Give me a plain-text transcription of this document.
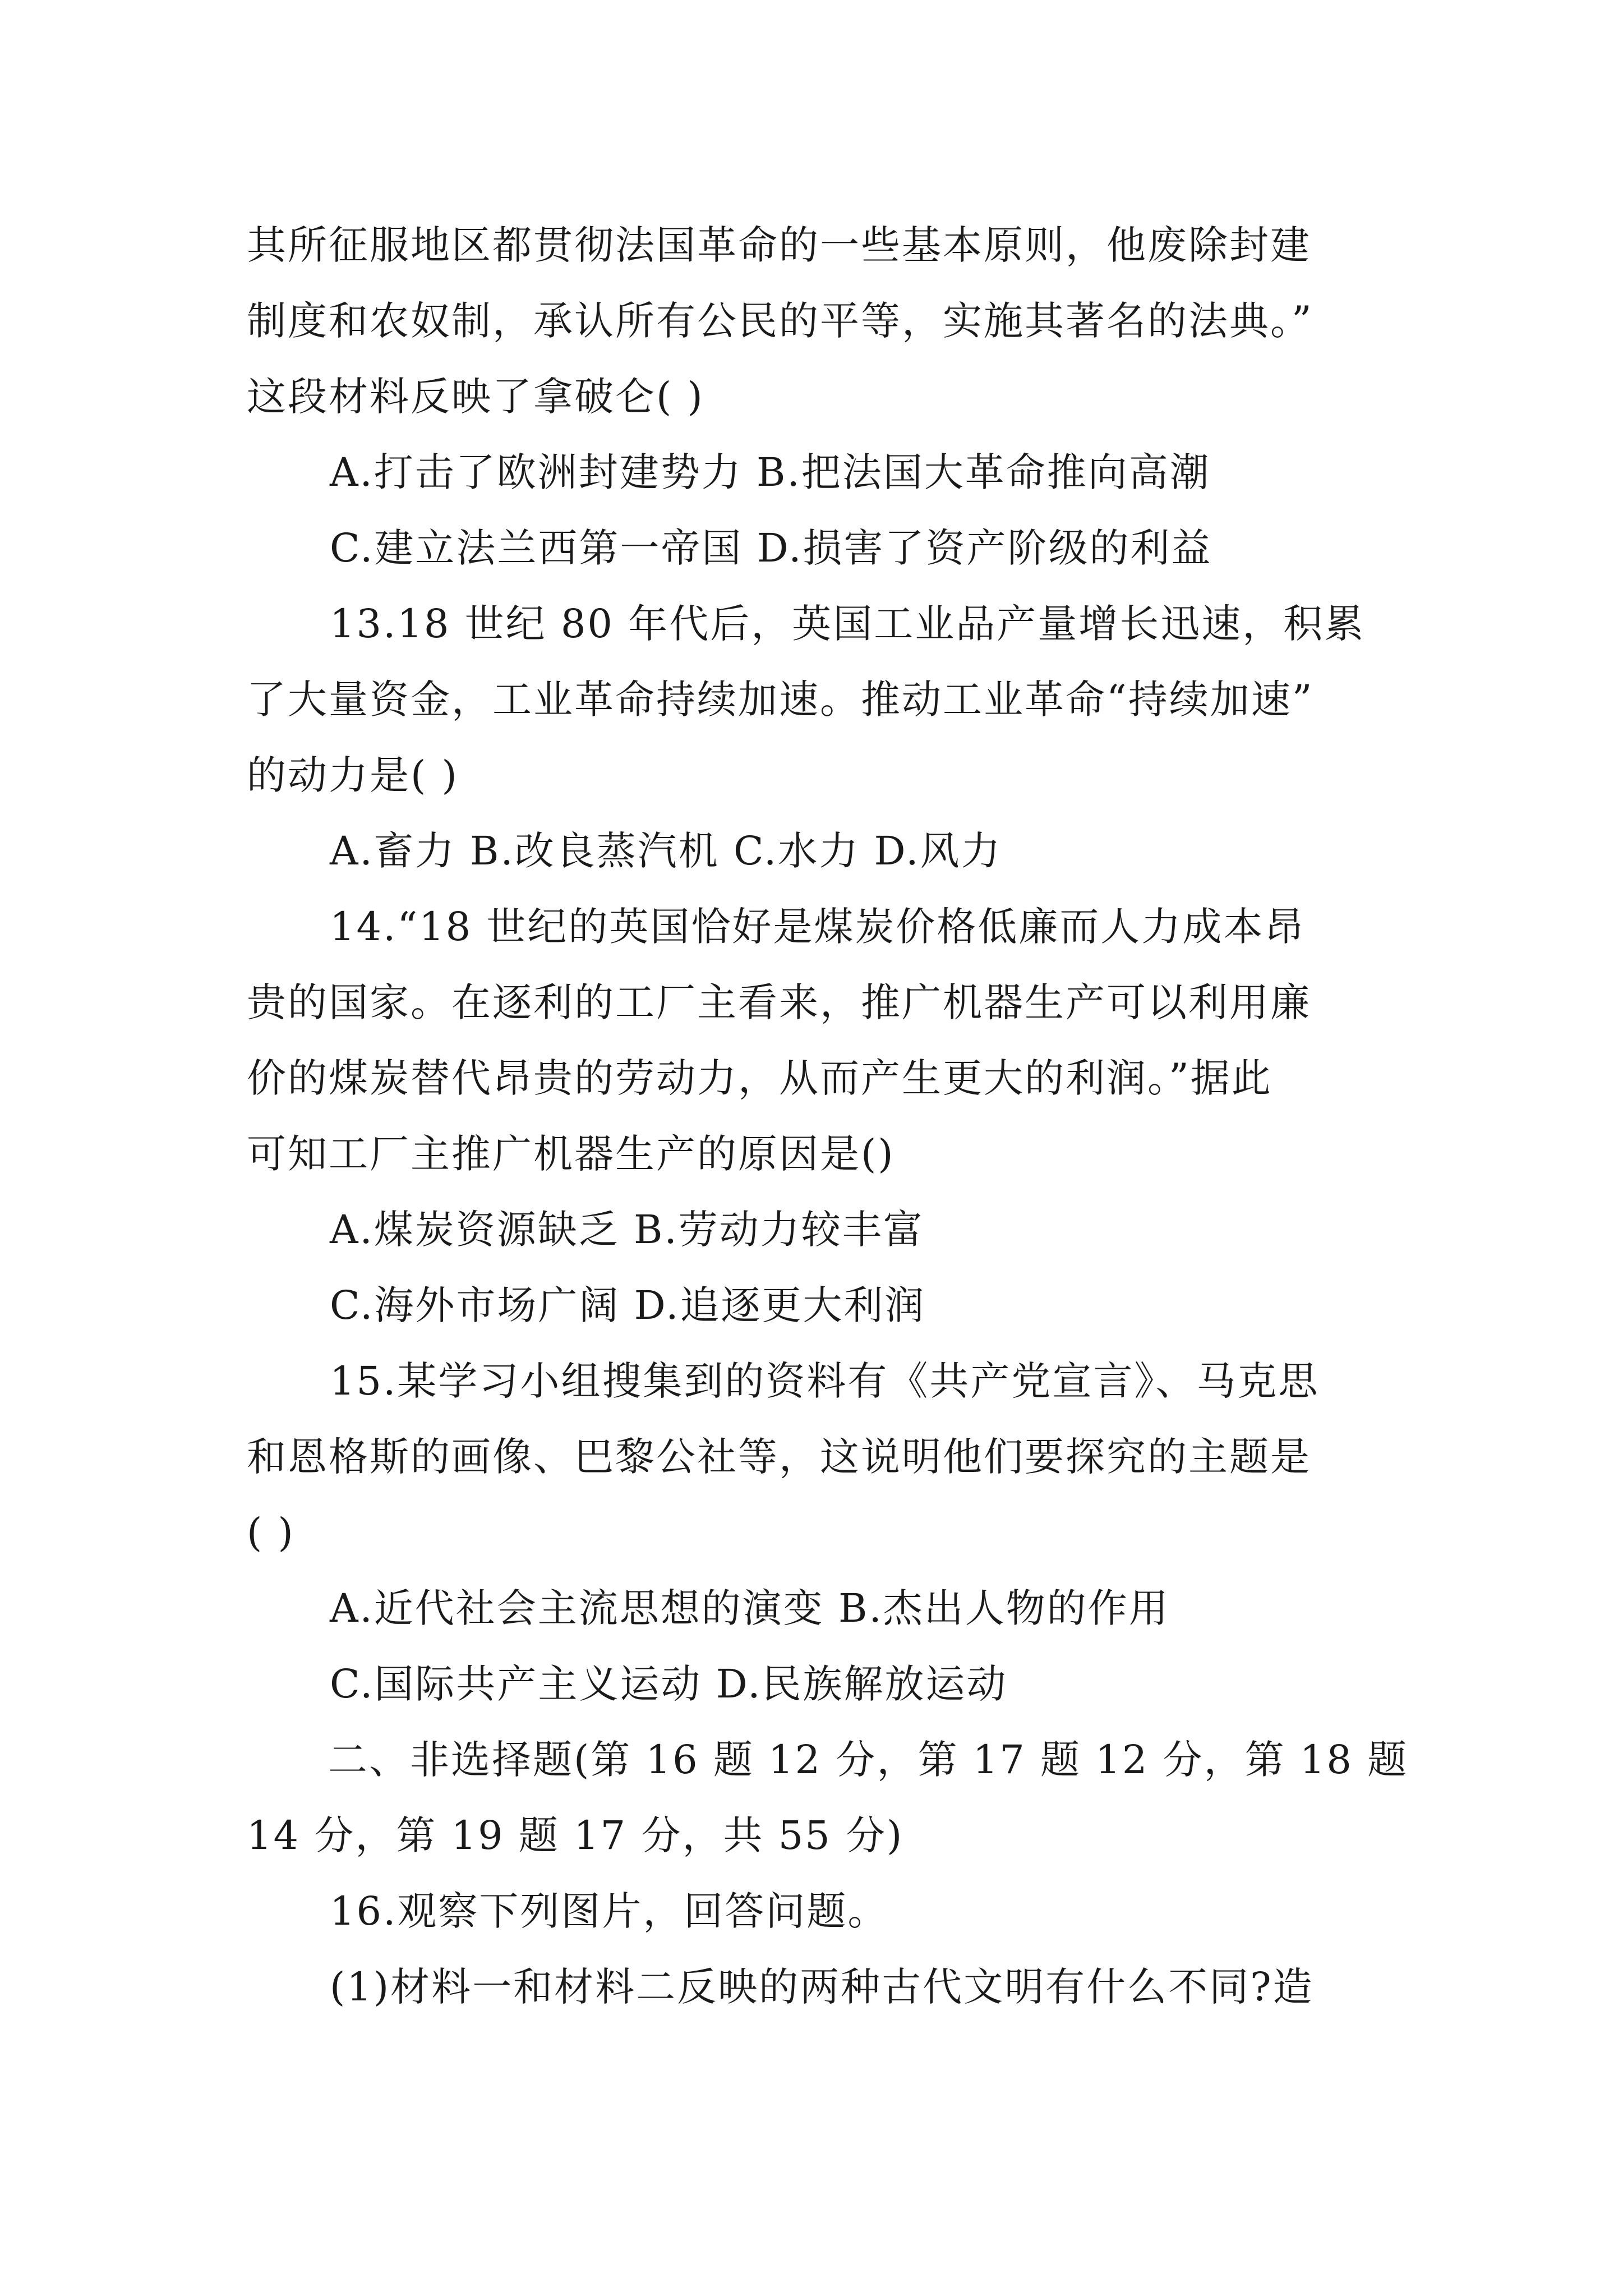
其所征服地区都贯彻法国革命的一些基本原则，他废除封建
制度和农奴制，承认所有公民的平等，实施其著名的法典。”
这段材料反映了拿破仑( )
A.打击了欧洲封建势力 B.把法国大革命推向高潮
C.建立法兰西第一帝国 D.损害了资产阶级的利益
13.18 世纪 80 年代后，英国工业品产量增长迅速，积累
了大量资金，工业革命持续加速。推动工业革命“持续加速”
的动力是( )
A.畜力 B.改良蒸汽机 C.水力 D.风力
14.“18 世纪的英国恰好是煤炭价格低廉而人力成本昂
贵的国家。在逐利的工厂主看来，推广机器生产可以利用廉
价的煤炭替代昂贵的劳动力，从而产生更大的利润。”据此
可知工厂主推广机器生产的原因是()
A.煤炭资源缺乏 B.劳动力较丰富
C.海外市场广阔 D.追逐更大利润
15.某学习小组搜集到的资料有《共产党宣言》、马克思
和恩格斯的画像、巴黎公社等，这说明他们要探究的主题是
( )
A.近代社会主流思想的演变 B.杰出人物的作用
C.国际共产主义运动 D.民族解放运动
二、非选择题(第 16 题 12 分，第 17 题 12 分，第 18 题
14 分，第 19 题 17 分，共 55 分)
16.观察下列图片，回答问题。
(1)材料一和材料二反映的两种古代文明有什么不同?造
